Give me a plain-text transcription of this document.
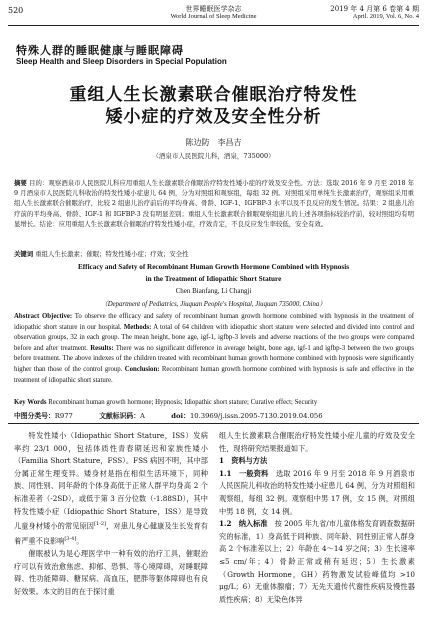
520	世界睡眠医学杂志
World Journal of Sleep Medicine
2019 年 4 月第 6 卷第 4 期
April. 2019, Vol. 6, No. 4
特殊人群的睡眠健康与睡眠障碍
Sleep Health and Sleep Disorders in Special Population
重组人生长激素联合催眠治疗特发性
矮小症的疗效及安全性分析
陈边防　李昌吉
（酒泉市人民医院儿科，酒泉，735000）
摘要 目的：观察酒泉市人民医院儿科应用重组人生长激素联合催眠治疗特发性矮小症的疗效及安全性。方法：选取 2016 年 9 月至 2018 年 9 月酒泉市人民医院儿科收治的特发性矮小症患儿 64 例，分为对照组和观察组，每组 32 例。对照组采用单纯生长激素治疗，观察组采用重组人生长激素联合催眠治疗，比较 2 组患儿治疗前后的平均身高、骨龄、IGF-1、IGFBP-3 水平以及不良反应的发生情况。结果：2 组患儿治疗前的平均身高、骨龄、IGF-1 和 IGFBP-3 没有明显差别；重组人生长激素联合催眠观察组患儿的上述各项指标较治疗前，较对照组均有明显增长。结论：应用重组人生长激素联合催眠治疗特发性矮小症，疗效肯定，不良反应发生率较低，安全有效。
关键词 重组人生长激素；催眠；特发性矮小症；疗效；安全性
Efficacy and Safety of Recombinant Human Growth Hormone Combined with Hypnosis
in the Treatment of Idiopathic Short Stature
Chen Bianfang, Li Changji
（Department of Pediatrics, Jiuquan People's Hospital, Jiuquan 735000, China）
Abstract Objective: To observe the efficacy and safety of recombinant human growth hormone combined with hypnosis in the treatment of idiopathic short stature in our hospital. Methods: A total of 64 children with idiopathic short stature were selected and divided into control and observation groups, 32 in each group. The mean height, bone age, igf-1, igfbp-3 levels and adverse reactions of the two groups were compared before and after treatment. Results: There was no significant difference in average height, bone age, igf-1 and igfbp-3 between the two groups before treatment. The above indexes of the children treated with recombinant human growth hormone combined with hypnosis were significantly higher than those of the control group. Conclusion: Recombinant human growth hormone combined with hypnosis is safe and effective in the treatment of idiopathic short stature.
Key Words Recombinant human growth hormone; Hypnosis; Idiopathic short stature; Curative effect; Security
中图分类号：R977	文献标识码：A	doi：10.3969/j.issn.2095-7130.2019.04.056
特发性矮小（Idiopathic Short Stature，ISS）发病率约 23/1 000，包括体质性青春期延迟和家族性矮小（Familia Short Stature，FSS）。FSS 病因不明，其中部分属正常生理变异。矮身材是指在相似生活环境下，同种族、同性别、同年龄的个体身高低于正常人群平均身高 2 个标准差者（-2SD），或低于第 3 百分位数（-1.88SD），其中特发性矮小症（Idiopathic Short Stature，ISS）是导致儿童身材矮小的常见原因[1-2]，对患儿身心健康及生长发育有着严重不良影响[3-4]。
催眠被认为是心理医学中一种有效的治疗工具，催眠治疗可以有效治愈焦虑、抑郁、恐惧、等心境障碍，对睡眠障碍、性功能障碍、糖尿病、高血压，肥胖等躯体障碍也有良好效果。本文的目的在于探讨重
组人生长激素联合催眠治疗特发性矮小症儿童的疗效及安全性，现将研究结果报道如下。
1　资料与方法
1.1　一般资料　 选取 2016 年 9 月至 2018 年 9 月酒泉市人民医院儿科收治的特发性矮小症患儿 64 例，分为对照组和观察组，每组 32 例。观察组中男 17 例，女 15 例，对照组中男 18 例，女 14 例。
1.2　纳入标准　 按 2005 年九省/市儿童体格发育调查数据研究的标准，1）身高低于同种族、同年龄、同性别正常人群身高 2 个标准差以上；2）年龄在 4～14 岁之间；3）生长速率≤5 cm/年；4）骨龄正常或稍有延迟；5）生长激素（Growth Hormone，GH）药物激发试验峰值均 >10 μg/L；6）无重体腺瘤；7）无先天遗传代谢性疾病及慢性器质性疾病；8）无染色体异
